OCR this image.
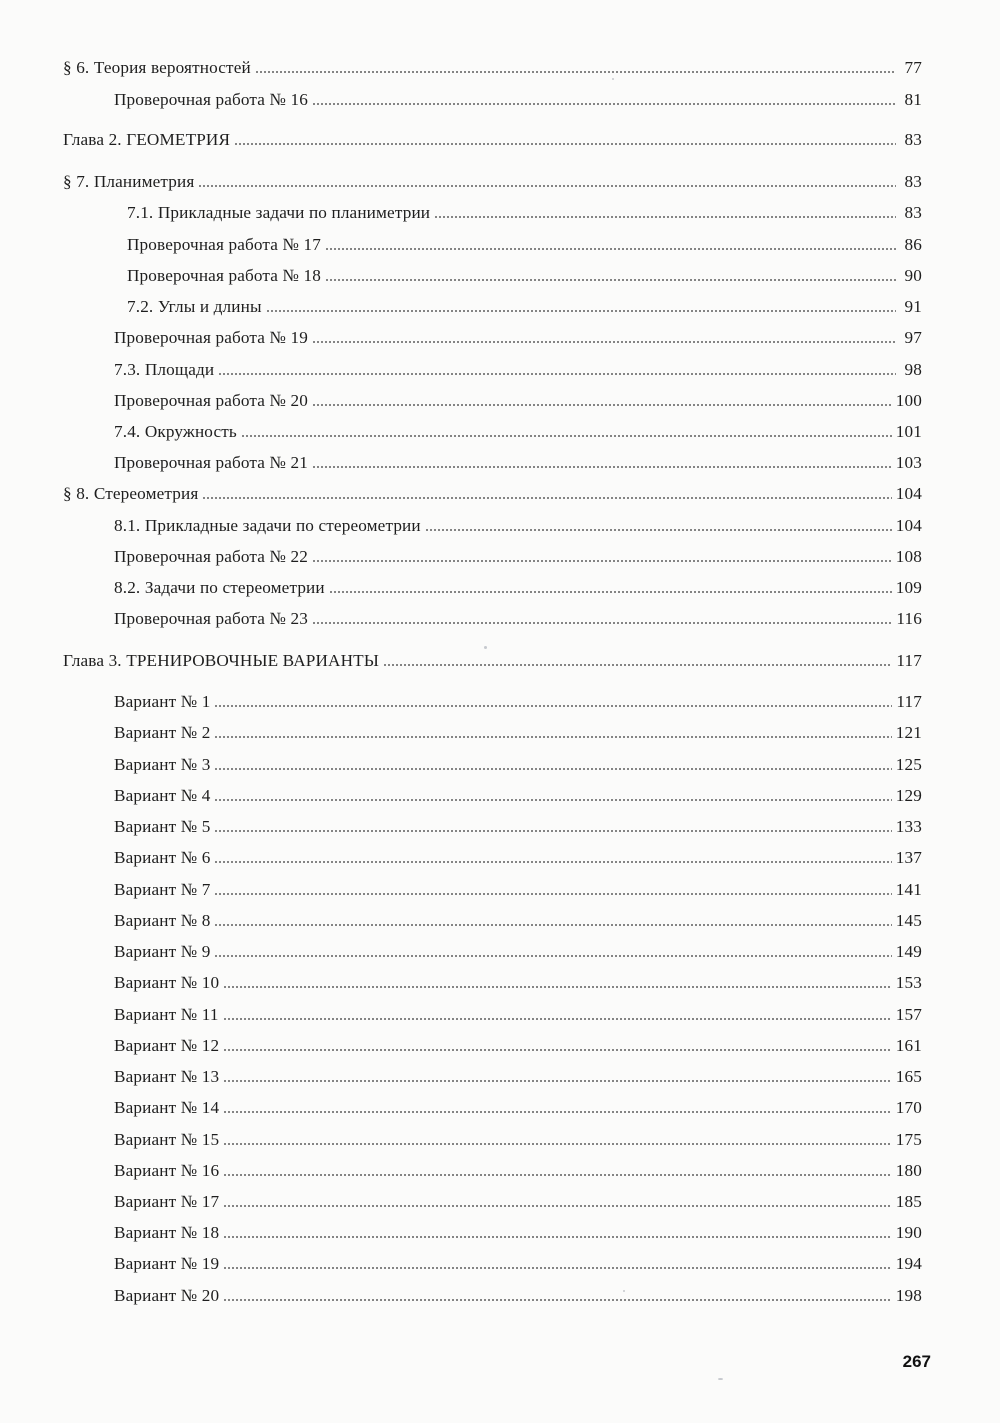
§ 6. Теория вероятностей	77
Проверочная работа № 16	81
Глава 2. ГЕОМЕТРИЯ	83
§ 7. Планиметрия	83
7.1. Прикладные задачи по планиметрии	83
Проверочная работа № 17	86
Проверочная работа № 18	90
7.2. Углы и длины	91
Проверочная работа № 19	97
7.3. Площади	98
Проверочная работа № 20	100
7.4. Окружность	101
Проверочная работа № 21	103
§ 8. Стереометрия	104
8.1. Прикладные задачи по стереометрии	104
Проверочная работа № 22	108
8.2. Задачи по стереометрии	109
Проверочная работа № 23	116
Глава 3. ТРЕНИРОВОЧНЫЕ ВАРИАНТЫ	117
Вариант № 1	117
Вариант № 2	121
Вариант № 3	125
Вариант № 4	129
Вариант № 5	133
Вариант № 6	137
Вариант № 7	141
Вариант № 8	145
Вариант № 9	149
Вариант № 10	153
Вариант № 11	157
Вариант № 12	161
Вариант № 13	165
Вариант № 14	170
Вариант № 15	175
Вариант № 16	180
Вариант № 17	185
Вариант № 18	190
Вариант № 19	194
Вариант № 20	198
267
